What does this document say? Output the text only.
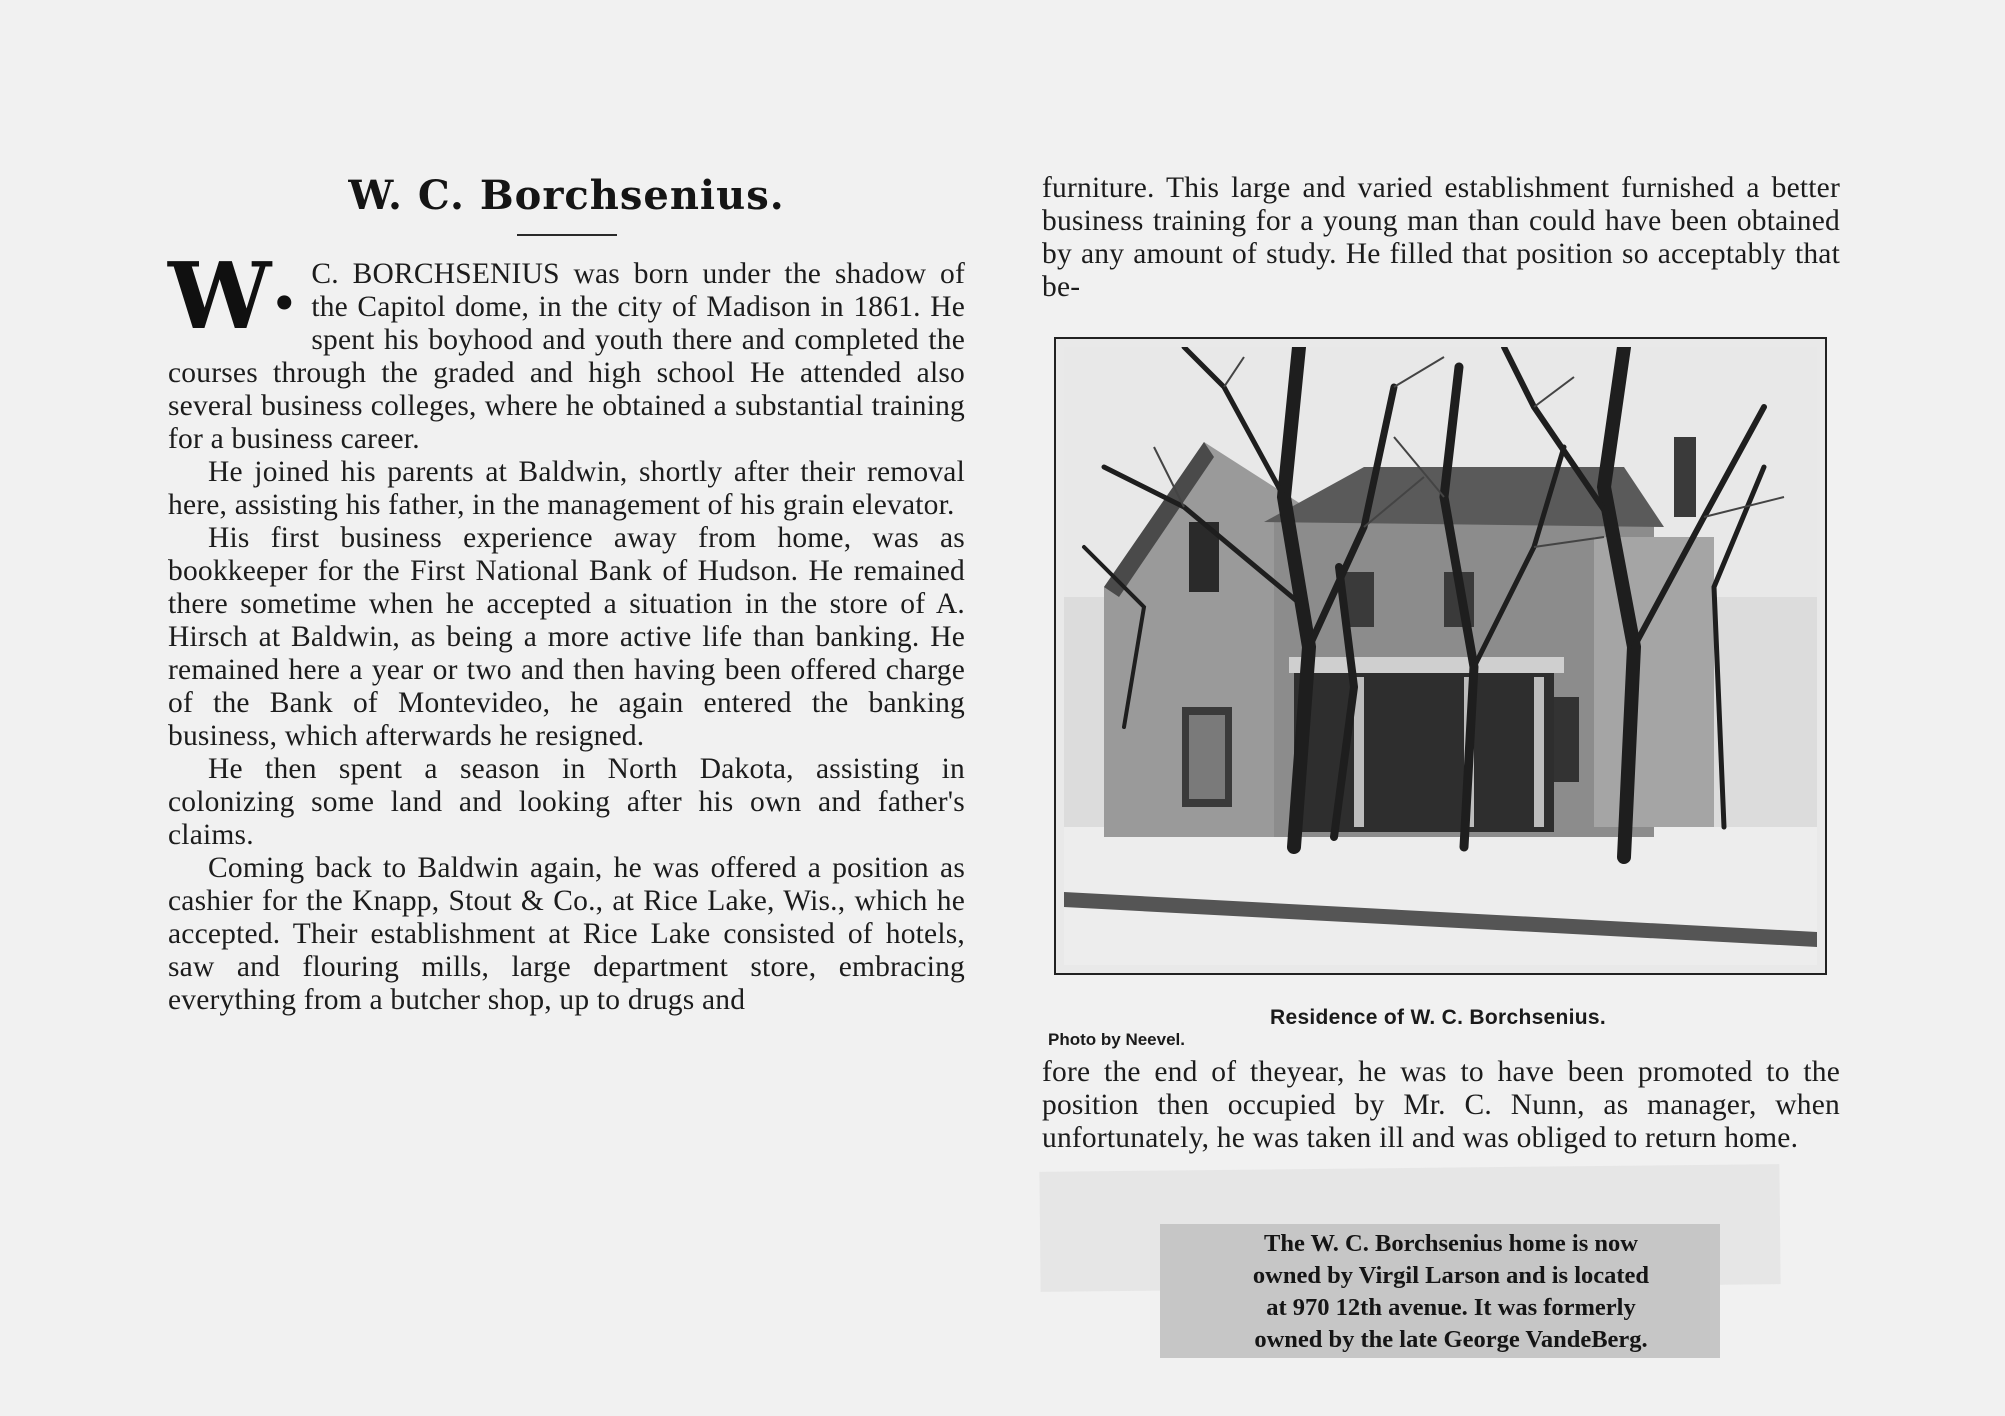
W. C. Borchsenius.

W•
C. BORCHSENIUS was born under the shadow of the Capitol dome, in the city of Madison in 1861. He spent his boyhood and youth there and completed the courses through the graded and high school He attended also several business colleges, where he obtained a substantial training for a business career.

He joined his parents at Baldwin, shortly after their removal here, assisting his father, in the management of his grain elevator.

His first business experience away from home, was as bookkeeper for the First National Bank of Hudson. He remained there sometime when he accepted a situation in the store of A. Hirsch at Baldwin, as being a more active life than banking. He remained here a year or two and then having been offered charge of the Bank of Montevideo, he again entered the banking business, which afterwards he resigned.

He then spent a season in North Dakota, assisting in colonizing some land and looking after his own and father's claims.

Coming back to Baldwin again, he was offered a position as cashier for the Knapp, Stout & Co., at Rice Lake, Wis., which he accepted. Their establishment at Rice Lake consisted of hotels, saw and flouring mills, large department store, embracing everything from a butcher shop, up to drugs and

furniture. This large and varied establishment furnished a better business training for a young man than could have been obtained by any amount of study. He filled that position so acceptably that be-

Residence of W. C. Borchsenius.
Photo by Neevel.

fore the end of theyear, he was to have been promoted to the position then occupied by Mr. C. Nunn, as manager, when unfortunately, he was taken ill and was obliged to return home.

The W. C. Borchsenius home is now
owned by Virgil Larson and is located
at 970 12th avenue. It was formerly
owned by the late George VandeBerg.
